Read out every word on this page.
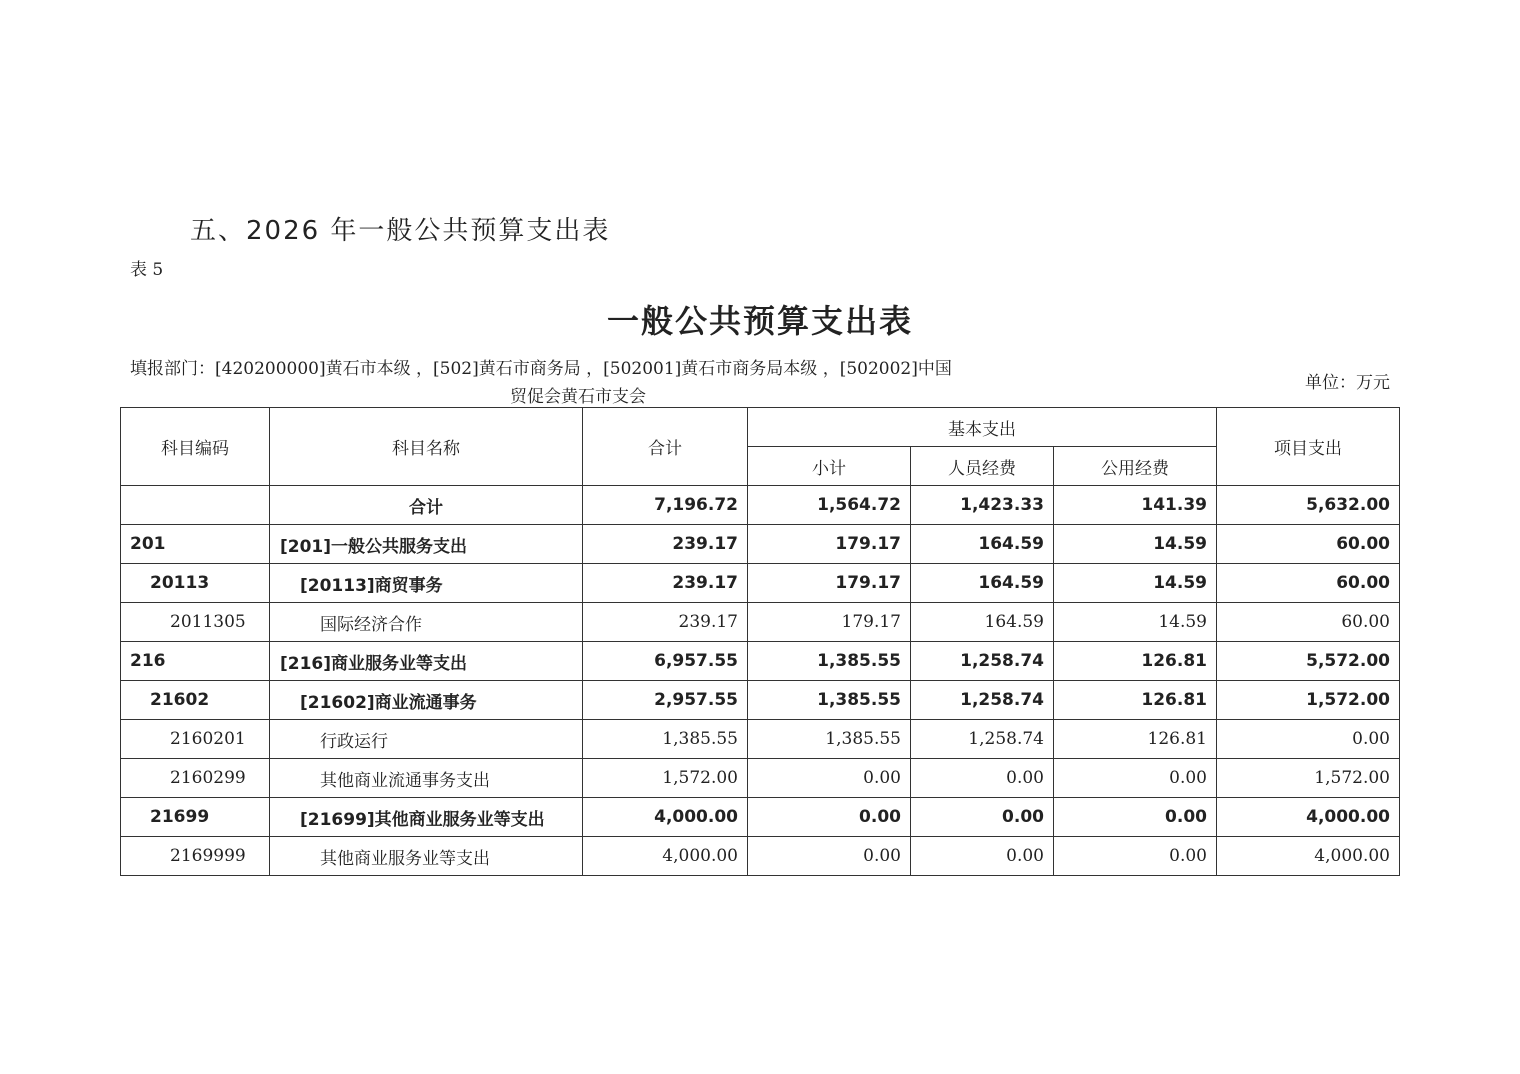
五、2026 年一般公共预算支出表
表 5
一般公共预算支出表
填报部门：[420200000]黄石市本级 ，[502]黄石市商务局 ，[502001]黄石市商务局本级 ，[502002]中国
贸促会黄石市支会
单位：万元
科目编码	科目名称	合计	基本支出			项目支出
			小计	人员经费	公用经费	
	合计	7,196.72	1,564.72	1,423.33	141.39	5,632.00
201	[201]一般公共服务支出	239.17	179.17	164.59	14.59	60.00
20113	[20113]商贸事务	239.17	179.17	164.59	14.59	60.00
2011305	国际经济合作	239.17	179.17	164.59	14.59	60.00
216	[216]商业服务业等支出	6,957.55	1,385.55	1,258.74	126.81	5,572.00
21602	[21602]商业流通事务	2,957.55	1,385.55	1,258.74	126.81	1,572.00
2160201	行政运行	1,385.55	1,385.55	1,258.74	126.81	0.00
2160299	其他商业流通事务支出	1,572.00	0.00	0.00	0.00	1,572.00
21699	[21699]其他商业服务业等支出	4,000.00	0.00	0.00	0.00	4,000.00
2169999	其他商业服务业等支出	4,000.00	0.00	0.00	0.00	4,000.00
